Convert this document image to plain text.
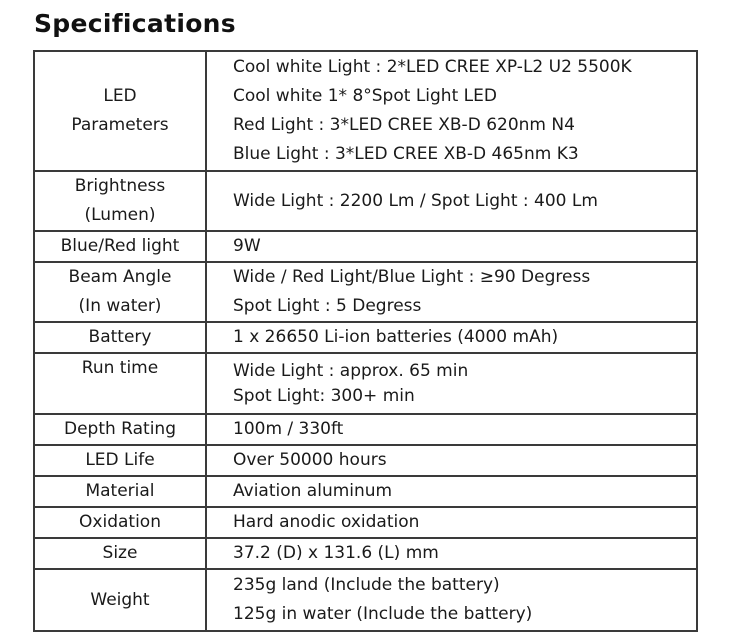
Specifications
LED
Parameters	Cool white Light : 2*LED CREE XP-L2 U2 5500K
Cool white 1* 8°Spot Light LED
Red Light : 3*LED CREE XB-D 620nm N4
Blue Light : 3*LED CREE XB-D 465nm K3

Brightness
(Lumen)	Wide Light : 2200 Lm / Spot Light : 400 Lm

Blue/Red light	9W

Beam Angle
(In water)	Wide / Red Light/Blue Light : ≥90 Degress
Spot Light : 5 Degress

Battery	1 x 26650 Li-ion batteries (4000 mAh)

Run time	Wide Light : approx. 65 min
Spot Light: 300+ min

Depth Rating	100m / 330ft

LED Life	Over 50000 hours

Material	Aviation aluminum

Oxidation	Hard anodic oxidation

Size	37.2 (D) x 131.6 (L) mm

Weight	235g land (Include the battery)
125g in water (Include the battery)
